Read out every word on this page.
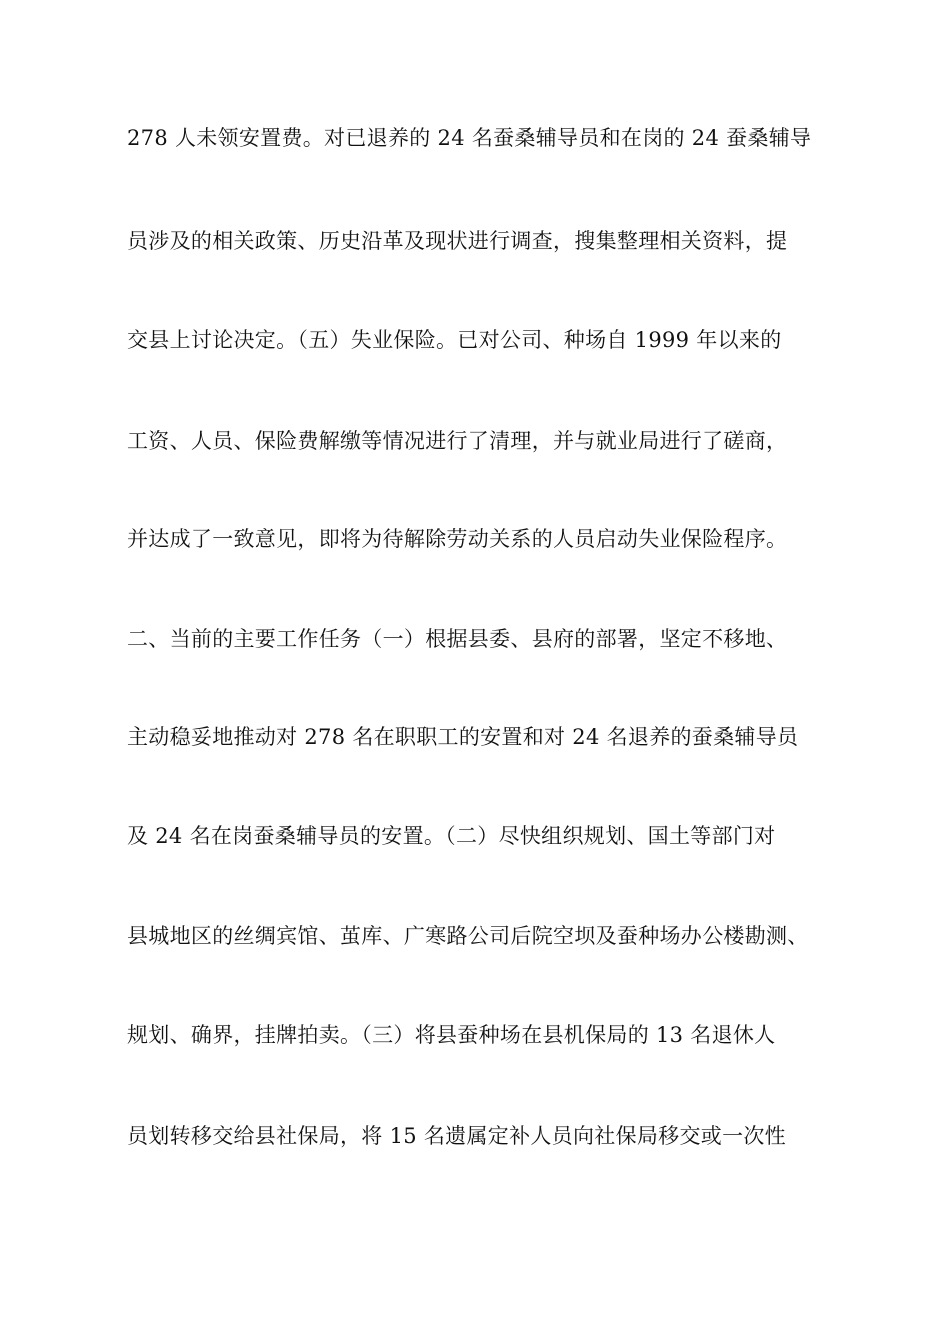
278 人未领安置费。对已退养的 24 名蚕桑辅导员和在岗的 24 蚕桑辅导
员涉及的相关政策、历史沿革及现状进行调查，搜集整理相关资料，提
交县上讨论决定。（五）失业保险。已对公司、种场自 1999 年以来的
工资、人员、保险费解缴等情况进行了清理，并与就业局进行了磋商，
并达成了一致意见，即将为待解除劳动关系的人员启动失业保险程序。
二、当前的主要工作任务（一）根据县委、县府的部署，坚定不移地、
主动稳妥地推动对 278 名在职职工的安置和对 24 名退养的蚕桑辅导员
及 24 名在岗蚕桑辅导员的安置。（二）尽快组织规划、国土等部门对
县城地区的丝绸宾馆、茧库、广寒路公司后院空坝及蚕种场办公楼勘测、
规划、确界，挂牌拍卖。（三）将县蚕种场在县机保局的 13 名退休人
员划转移交给县社保局，将 15 名遗属定补人员向社保局移交或一次性
